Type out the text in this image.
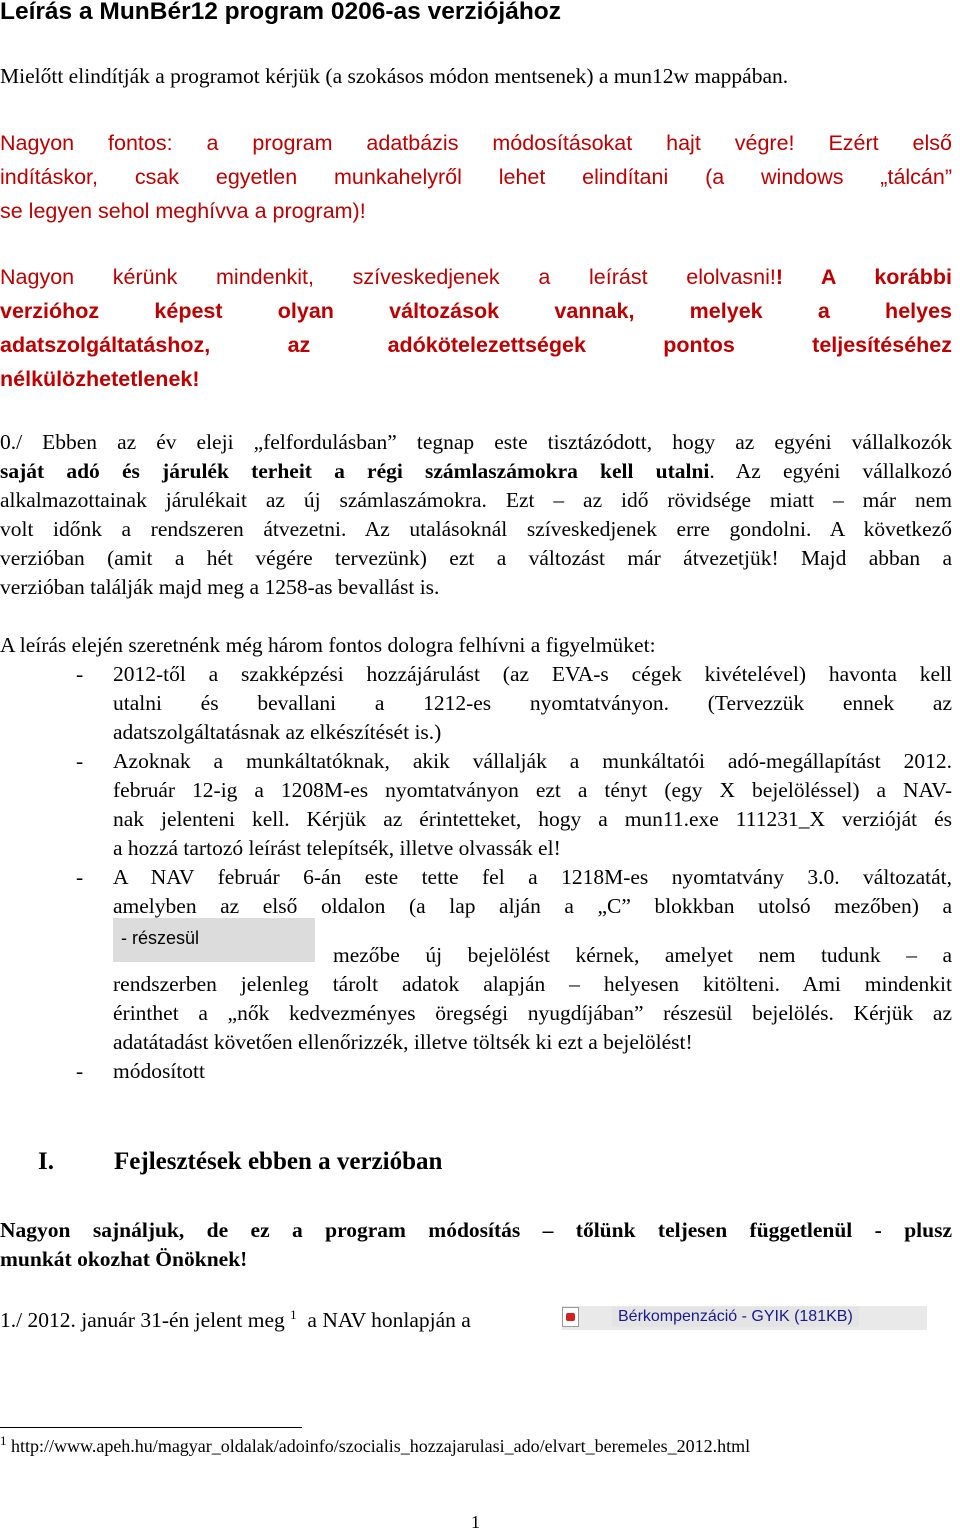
Leírás a MunBér12 program 0206-as verziójához
Mielőtt elindítják a programot kérjük (a szokásos módon mentsenek) a mun12w mappában.
Nagyon fontos: a program adatbázis módosításokat hajt végre! Ezért első
indításkor, csak egyetlen munkahelyről lehet elindítani (a windows „tálcán”
se legyen sehol meghívva a program)!
Nagyon kérünk mindenkit, szíveskedjenek a leírást elolvasni!! A korábbi
verzióhoz képest olyan változások vannak, melyek a helyes
adatszolgáltatáshoz, az adókötelezettségek pontos teljesítéséhez
nélkülözhetetlenek!
0./ Ebben az év eleji „felfordulásban” tegnap este tisztázódott, hogy az egyéni vállalkozók
saját adó és járulék terheit a régi számlaszámokra kell utalni. Az egyéni vállalkozó
alkalmazottainak járulékait az új számlaszámokra. Ezt – az idő rövidsége miatt – már nem
volt időnk a rendszeren átvezetni. Az utalásoknál szíveskedjenek erre gondolni. A következő
verzióban (amit a hét végére tervezünk) ezt a változást már átvezetjük! Majd abban a
verzióban találják majd meg a 1258-as bevallást is.
A leírás elején szeretnénk még három fontos dologra felhívni a figyelmüket:
- 2012-től a szakképzési hozzájárulást (az EVA-s cégek kivételével) havonta kell
utalni és bevallani a 1212-es nyomtatványon. (Tervezzük ennek az
adatszolgáltatásnak az elkészítését is.)
- Azoknak a munkáltatóknak, akik vállalják a munkáltatói adó-megállapítást 2012.
február 12-ig a 1208M-es nyomtatványon ezt a tényt (egy X bejelöléssel) a NAV-
nak jelenteni kell. Kérjük az érintetteket, hogy a mun11.exe 111231_X verzióját és
a hozzá tartozó leírást telepítsék, illetve olvassák el!
- A NAV február 6-án este tette fel a 1218M-es nyomtatvány 3.0. változatát,
amelyben az első oldalon (a lap alján a „C” blokkban utolsó mezőben) a
- részesül
mezőbe új bejelölést kérnek, amelyet nem tudunk – a
rendszerben jelenleg tárolt adatok alapján – helyesen kitölteni. Ami mindenkit
érinthet a „nők kedvezményes öregségi nyugdíjában” részesül bejelölés. Kérjük az
adatátadást követően ellenőrizzék, illetve töltsék ki ezt a bejelölést!
- módosított
I. Fejlesztések ebben a verzióban
Nagyon sajnáljuk, de ez a program módosítás – tőlünk teljesen függetlenül - plusz
munkát okozhat Önöknek!
1./ 2012. január 31-én jelent meg $^1$ a NAV honlapján a	Bérkompenzáció - GYIK (181KB)
$^1$ http://www.apeh.hu/magyar_oldalak/adoinfo/szocialis_hozzajarulasi_ado/elvart_beremeles_2012.html
1
